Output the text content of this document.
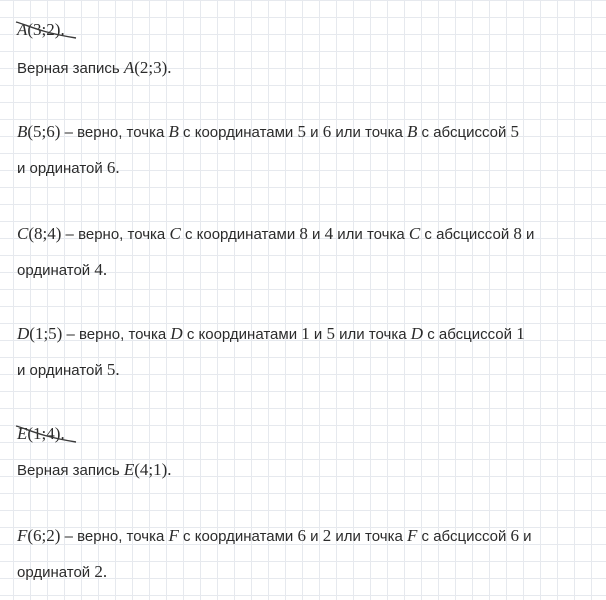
A(3;2)
.
Верная запись A(2;3).
B(5;6) – верно, точка B с координатами 5 и 6 или точка B с абсциссой 5
и ординатой 6.
C(8;4) – верно, точка C с координатами 8 и 4 или точка C с абсциссой 8 и
ординатой 4.
D(1;5) – верно, точка D с координатами 1 и 5 или точка D с абсциссой 1
и ординатой 5.
E(1;4)
.
Верная запись E(4;1).
F(6;2) – верно, точка F с координатами 6 и 2 или точка F с абсциссой 6 и
ординатой 2.
